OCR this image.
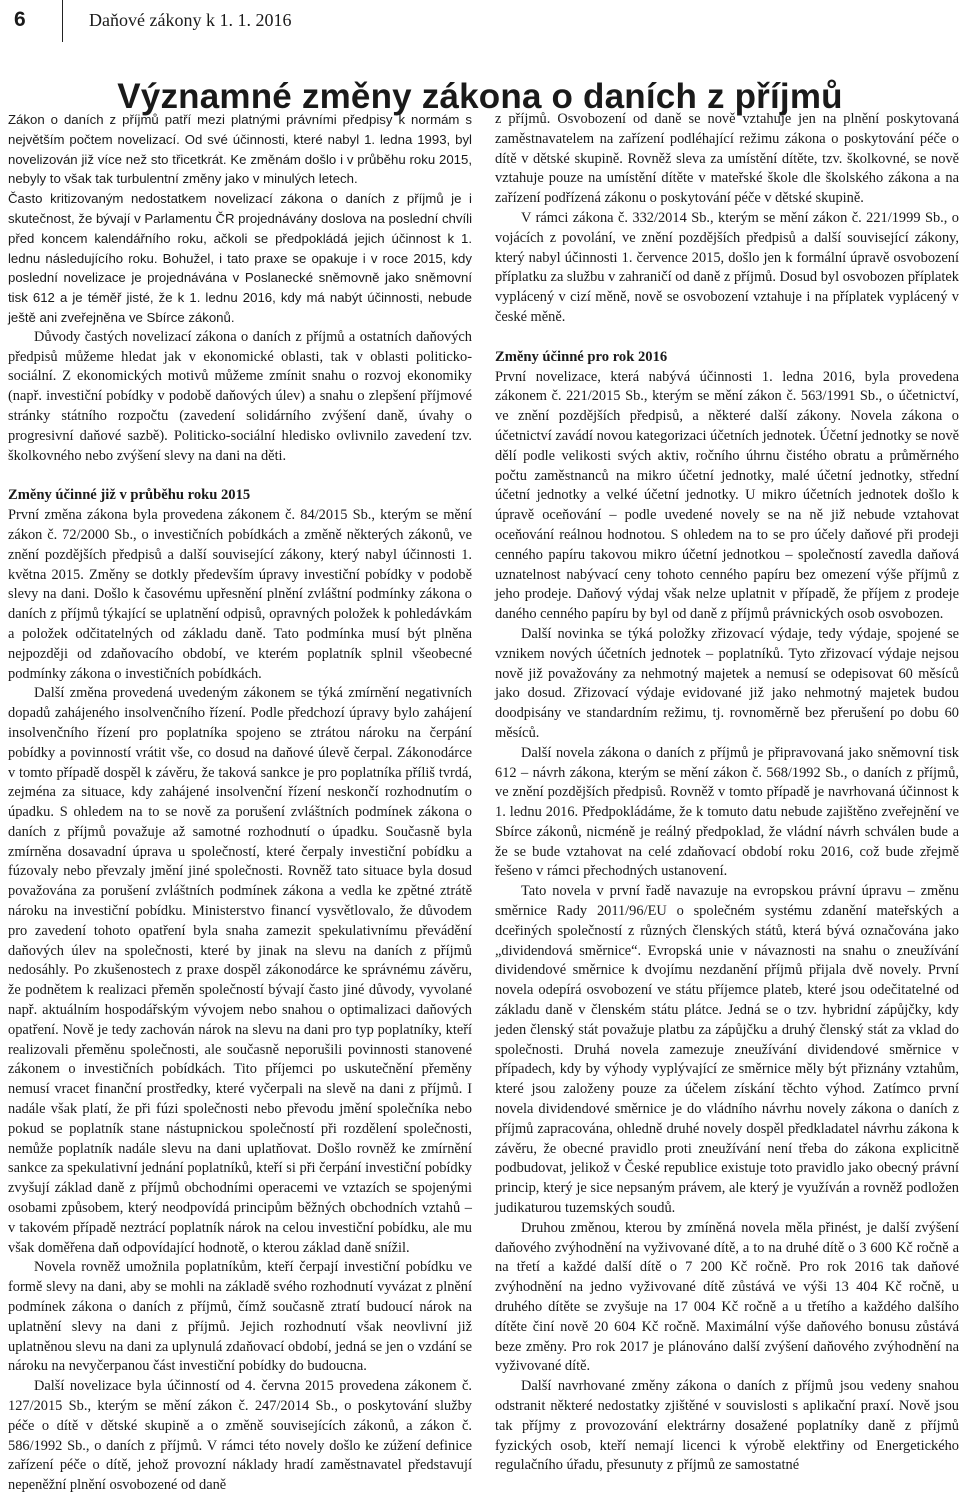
6	Daňové zákony k 1. 1. 2016
Významné změny zákona o daních z příjmů

Zákon o daních z příjmů patří mezi platnými právními předpisy k normám s největším počtem novelizací. Od své účinnosti, které nabyl 1. ledna 1993, byl novelizován již více než sto třicetkrát. Ke změnám došlo i v průběhu roku 2015, nebyly to však tak turbulentní změny jako v minulých letech.

Často kritizovaným nedostatkem novelizací zákona o daních z příjmů je i skutečnost, že bývají v Parlamentu ČR projednávány doslova na poslední chvíli před koncem kalendářního roku, ačkoli se předpokládá jejich účinnost k 1. lednu následujícího roku. Bohužel, i tato praxe se opakuje i v roce 2015, kdy poslední novelizace je projednávána v Poslanecké sněmovně jako sněmovní tisk 612 a je téměř jisté, že k 1. lednu 2016, kdy má nabýt účinnosti, nebude ještě ani zveřejněna ve Sbírce zákonů.

Důvody častých novelizací zákona o daních z příjmů a ostatních daňových předpisů můžeme hledat jak v ekonomické oblasti, tak v oblasti politicko-sociální. Z ekonomických motivů můžeme zmínit snahu o rozvoj ekonomiky (např. investiční pobídky v podobě daňových úlev) a snahu o zlepšení příjmové stránky státního rozpočtu (zavedení solidárního zvýšení daně, úvahy o progresivní daňové sazbě). Politicko-sociální hledisko ovlivnilo zavedení tzv. školkovného nebo zvýšení slevy na dani na děti.

Změny účinné již v průběhu roku 2015

První změna zákona byla provedena zákonem č. 84/2015 Sb., kterým se mění zákon č. 72/2000 Sb., o investičních pobídkách a změně některých zákonů, ve znění pozdějších předpisů a další související zákony, který nabyl účinnosti 1. května 2015. Změny se dotkly především úpravy investiční pobídky v podobě slevy na dani. Došlo k časovému upřesnění plnění zvláštní podmínky zákona o daních z příjmů týkající se uplatnění odpisů, opravných položek k pohledávkám a položek odčitatelných od základu daně. Tato podmínka musí být plněna nejpozději od zdaňovacího období, ve kterém poplatník splnil všeobecné podmínky zákona o investičních pobídkách.

Další změna provedená uvedeným zákonem se týká zmírnění negativních dopadů zahájeného insolvenčního řízení. Podle předchozí úpravy bylo zahájení insolvenčního řízení pro poplatníka spojeno se ztrátou nároku na čerpání pobídky a povinností vrátit vše, co dosud na daňové úlevě čerpal. Zákonodárce v tomto případě dospěl k závěru, že taková sankce je pro poplatníka příliš tvrdá, zejména za situace, kdy zahájené insolvenční řízení neskončí rozhodnutím o úpadku. S ohledem na to se nově za porušení zvláštních podmínek zákona o daních z příjmů považuje až samotné rozhodnutí o úpadku. Současně byla zmírněna dosavadní úprava u společností, které čerpaly investiční pobídku a fúzovaly nebo převzaly jmění jiné společnosti. Rovněž tato situace byla dosud považována za porušení zvláštních podmínek zákona a vedla ke zpětné ztrátě nároku na investiční pobídku. Ministerstvo financí vysvětlovalo, že důvodem pro zavedení tohoto opatření byla snaha zamezit spekulativnímu převádění daňových úlev na společnosti, které by jinak na slevu na daních z příjmů nedosáhly. Po zkušenostech z praxe dospěl zákonodárce ke správnému závěru, že podnětem k realizaci přeměn společností bývají často jiné důvody, vyvolané např. aktuálním hospodářským vývojem nebo snahou o optimalizaci daňových opatření. Nově je tedy zachován nárok na slevu na dani pro typ poplatníky, kteří realizovali přeměnu společnosti, ale současně neporušili povinnosti stanovené zákonem o investičních pobídkách. Tito příjemci po uskutečnění přeměny nemusí vracet finanční prostředky, které vyčerpali na slevě na dani z příjmů. I nadále však platí, že při fúzi společnosti nebo převodu jmění společníka nebo pokud se poplatník stane nástupnickou společností při rozdělení společnosti, nemůže poplatník nadále slevu na dani uplatňovat. Došlo rovněž ke zmírnění sankce za spekulativní jednání poplatníků, kteří si při čerpání investiční pobídky zvyšují základ daně z příjmů obchodními operacemi ve vztazích se spojenými osobami způsobem, který neodpovídá principům běžných obchodních vztahů – v takovém případě neztrácí poplatník nárok na celou investiční pobídku, ale mu však doměřena daň odpovídající hodnotě, o kterou základ daně snížil.

Novela rovněž umožnila poplatníkům, kteří čerpají investiční pobídku ve formě slevy na dani, aby se mohli na základě svého rozhodnutí vyvázat z plnění podmínek zákona o daních z příjmů, čímž současně ztratí budoucí nárok na uplatnění slevy na dani z příjmů. Jejich rozhodnutí však neovlivní již uplatněnou slevu na dani za uplynulá zdaňovací období, jedná se jen o vzdání se nároku na nevyčerpanou část investiční pobídky do budoucna.

Další novelizace byla účinností od 4. června 2015 provedena zákonem č. 127/2015 Sb., kterým se mění zákon č. 247/2014 Sb., o poskytování služby péče o dítě v dětské skupině a o změně souvisejících zákonů, a zákon č. 586/1992 Sb., o daních z příjmů. V rámci této novely došlo ke zúžení definice zařízení péče o dítě, jehož provozní náklady hradí zaměstnavatel představují nepeněžní plnění osvobozené od daně

z příjmů. Osvobození od daně se nově vztahuje jen na plnění poskytovaná zaměstnavatelem na zařízení podléhající režimu zákona o poskytování péče o dítě v dětské skupině. Rovněž sleva za umístění dítěte, tzv. školkovné, se nově vztahuje pouze na umístění dítěte v mateřské škole dle školského zákona a na zařízení podřízená zákonu o poskytování péče v dětské skupině.

V rámci zákona č. 332/2014 Sb., kterým se mění zákon č. 221/1999 Sb., o vojácích z povolání, ve znění pozdějších předpisů a další související zákony, který nabyl účinnosti 1. července 2015, došlo jen k formální úpravě osvobození příplatku za službu v zahraničí od daně z příjmů. Dosud byl osvobozen příplatek vyplácený v cizí měně, nově se osvobození vztahuje i na příplatek vyplácený v české měně.

Změny účinné pro rok 2016

První novelizace, která nabývá účinnosti 1. ledna 2016, byla provedena zákonem č. 221/2015 Sb., kterým se mění zákon č. 563/1991 Sb., o účetnictví, ve znění pozdějších předpisů, a některé další zákony. Novela zákona o účetnictví zavádí novou kategorizaci účetních jednotek. Účetní jednotky se nově dělí podle velikosti svých aktiv, ročního úhrnu čistého obratu a průměrného počtu zaměstnanců na mikro účetní jednotky, malé účetní jednotky, střední účetní jednotky a velké účetní jednotky. U mikro účetních jednotek došlo k úpravě oceňování – podle uvedené novely se na ně již nebude vztahovat oceňování reálnou hodnotou. S ohledem na to se pro účely daňové při prodeji cenného papíru takovou mikro účetní jednotkou – společností zavedla daňová uznatelnost nabývací ceny tohoto cenného papíru bez omezení výše příjmů z jeho prodeje. Daňový výdaj však nelze uplatnit v případě, že příjem z prodeje daného cenného papíru by byl od daně z příjmů právnických osob osvobozen.

Další novinka se týká položky zřizovací výdaje, tedy výdaje, spojené se vznikem nových účetních jednotek – poplatníků. Tyto zřizovací výdaje nejsou nově již považovány za nehmotný majetek a nemusí se odepisovat 60 měsíců jako dosud. Zřizovací výdaje evidované již jako nehmotný majetek budou doodpisány ve standardním režimu, tj. rovnoměrně bez přerušení po dobu 60 měsíců.

Další novela zákona o daních z příjmů je připravovaná jako sněmovní tisk 612 – návrh zákona, kterým se mění zákon č. 568/1992 Sb., o daních z příjmů, ve znění pozdějších předpisů. Rovněž v tomto případě je navrhovaná účinnost k 1. lednu 2016. Předpokládáme, že k tomuto datu nebude zajištěno zveřejnění ve Sbírce zákonů, nicméně je reálný předpoklad, že vládní návrh schválen bude a že se bude vztahovat na celé zdaňovací období roku 2016, což bude zřejmě řešeno v rámci přechodných ustanovení.

Tato novela v první řadě navazuje na evropskou právní úpravu – změnu směrnice Rady 2011/96/EU o společném systému zdanění mateřských a dceřiných společností z různých členských států, která bývá označována jako „dividendová směrnice“. Evropská unie v návaznosti na snahu o zneužívání dividendové směrnice k dvojímu nezdanění příjmů přijala dvě novely. První novela odepírá osvobození ve státu příjemce plateb, které jsou odečitatelné od základu daně v členském státu plátce. Jedná se o tzv. hybridní zápůjčky, kdy jeden členský stát považuje platbu za zápůjčku a druhý členský stát za vklad do společnosti. Druhá novela zamezuje zneužívání dividendové směrnice v případech, kdy by výhody vyplývající ze směrnice měly být přiznány vztahům, které jsou založeny pouze za účelem získání těchto výhod. Zatímco první novela dividendové směrnice je do vládního návrhu novely zákona o daních z příjmů zapracována, ohledně druhé novely dospěl předkladatel návrhu zákona k závěru, že obecné pravidlo proti zneužívání není třeba do zákona explicitně podbudovat, jelikož v České republice existuje toto pravidlo jako obecný právní princip, který je sice nepsaným právem, ale který je využíván a rovněž podložen judikaturou tuzemských soudů.

Druhou změnou, kterou by zmíněná novela měla přinést, je další zvýšení daňového zvýhodnění na vyživované dítě, a to na druhé dítě o 3 600 Kč ročně a na třetí a každé další dítě o 7 200 Kč ročně. Pro rok 2016 tak daňové zvýhodnění na jedno vyživované dítě zůstává ve výši 13 404 Kč ročně, u druhého dítěte se zvyšuje na 17 004 Kč ročně a u třetího a každého dalšího dítěte činí nově 20 604 Kč ročně. Maximální výše daňového bonusu zůstává beze změny. Pro rok 2017 je plánováno další zvýšení daňového zvýhodnění na vyživované dítě.

Další navrhované změny zákona o daních z příjmů jsou vedeny snahou odstranit některé nedostatky zjištěné v souvislosti s aplikační praxí. Nově jsou tak příjmy z provozování elektrárny dosažené poplatníky daně z příjmů fyzických osob, kteří nemají licenci k výrobě elektřiny od Energetického regulačního úřadu, přesunuty z příjmů ze samostatné
